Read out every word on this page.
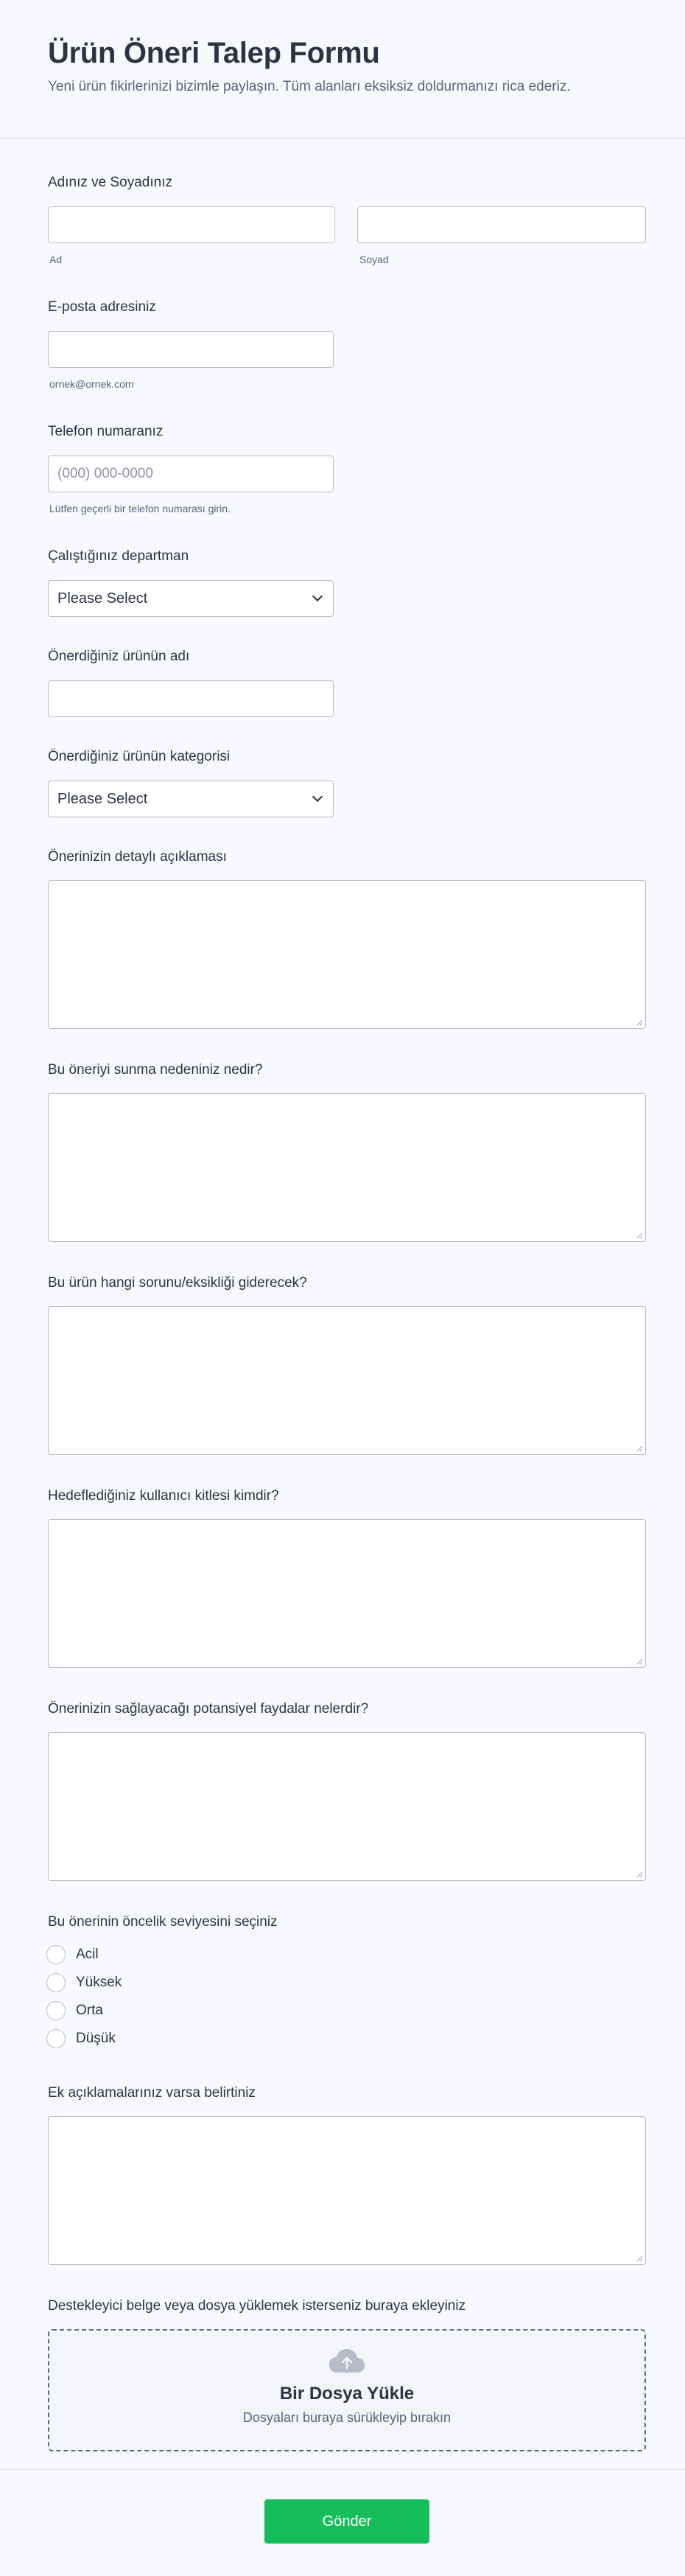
Ürün Öneri Talep Formu

Yeni ürün fikirlerinizi bizimle paylaşın. Tüm alanları eksiksiz doldurmanızı rica ederiz.

Adınız ve Soyadınız
Ad	Soyad
E-posta adresiniz
ornek@ornek.com
Telefon numaranız
(000) 000-0000
Lütfen geçerli bir telefon numarası girin.
Çalıştığınız departman
Please Select
Önerdiğiniz ürünün adı
Önerdiğiniz ürünün kategorisi
Please Select
Önerinizin detaylı açıklaması
Bu öneriyi sunma nedeniniz nedir?
Bu ürün hangi sorunu/eksikliği giderecek?
Hedeflediğiniz kullanıcı kitlesi kimdir?
Önerinizin sağlayacağı potansiyel faydalar nelerdir?
Bu önerinin öncelik seviyesini seçiniz
Acil
Yüksek
Orta
Düşük
Ek açıklamalarınız varsa belirtiniz
Destekleyici belge veya dosya yüklemek isterseniz buraya ekleyiniz
Bir Dosya Yükle
Dosyaları buraya sürükleyip bırakın
Gönder
